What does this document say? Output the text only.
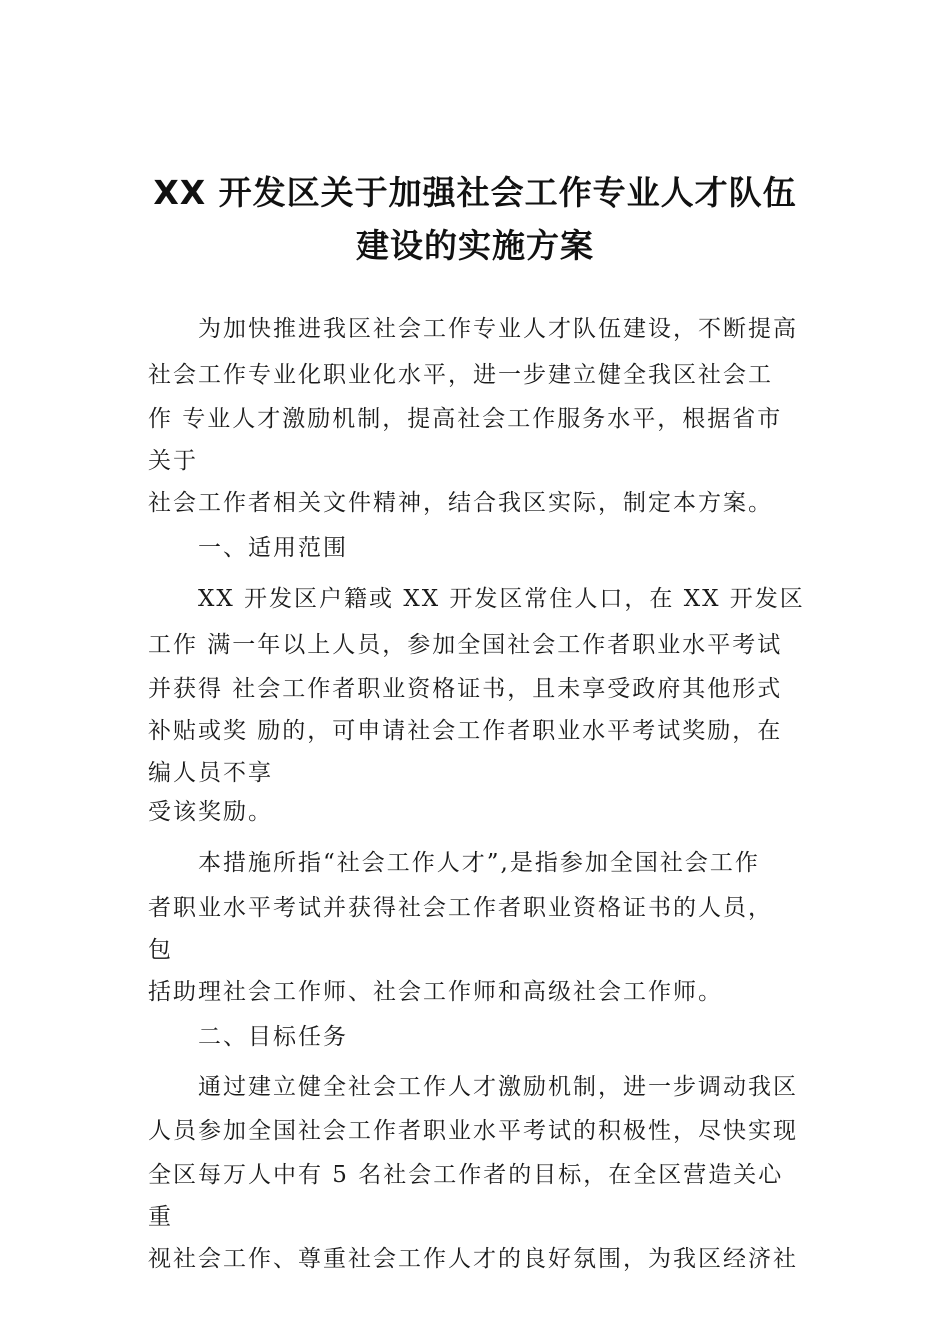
XX 开发区关于加强社会工作专业人才队伍
建设的实施方案
为加快推进我区社会工作专业人才队伍建设，不断提高
社会工作专业化职业化水平，进一步建立健全我区社会工
作 专业人才激励机制，提高社会工作服务水平，根据省市
关于
社会工作者相关文件精神，结合我区实际，制定本方案。
一、适用范围
XX 开发区户籍或 XX 开发区常住人口，在 XX 开发区
工作 满一年以上人员，参加全国社会工作者职业水平考试
并获得 社会工作者职业资格证书，且未享受政府其他形式
补贴或奖 励的，可申请社会工作者职业水平考试奖励，在
编人员不享
受该奖励。
本措施所指“社会工作人才”,是指参加全国社会工作
者职业水平考试并获得社会工作者职业资格证书的人员，
包
括助理社会工作师、社会工作师和高级社会工作师。
二、目标任务
通过建立健全社会工作人才激励机制，进一步调动我区
人员参加全国社会工作者职业水平考试的积极性，尽快实现
全区每万人中有 5 名社会工作者的目标，在全区营造关心
重
视社会工作、尊重社会工作人才的良好氛围，为我区经济社
